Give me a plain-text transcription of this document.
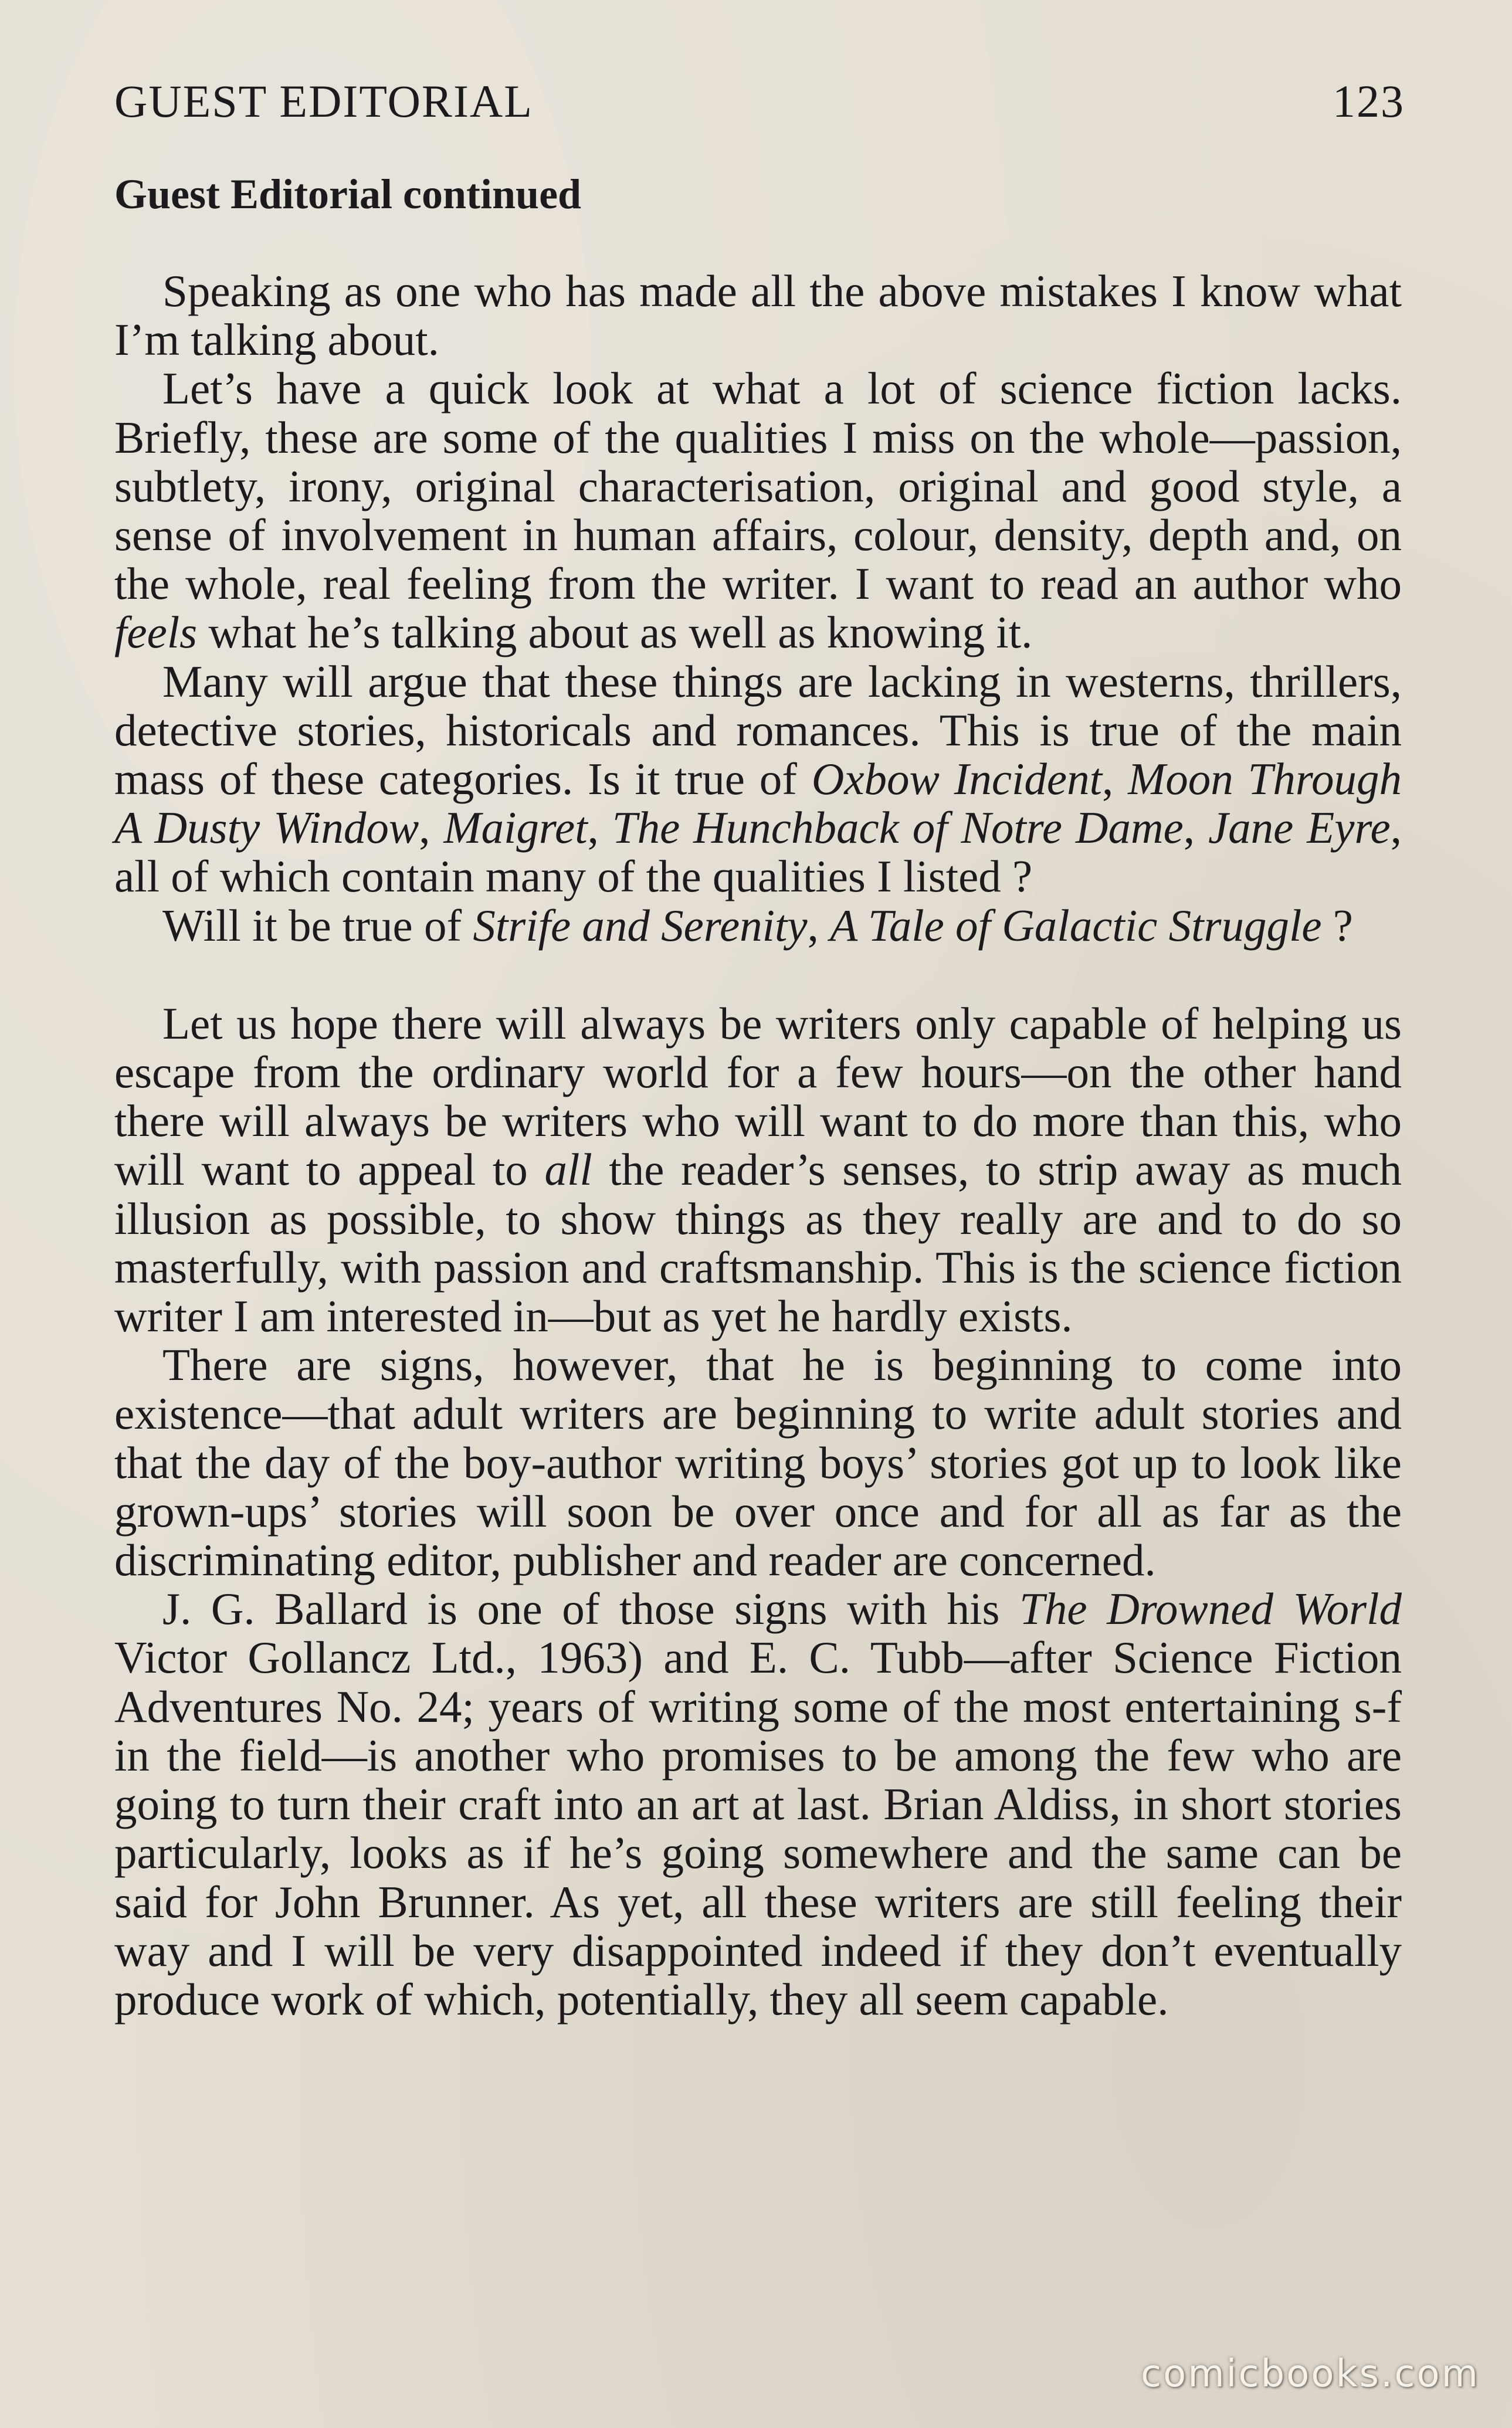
GUEST EDITORIAL	123
Guest Editorial continued

Speaking as one who has made all the above mistakes I know what I’m talking about.

Let’s have a quick look at what a lot of science fiction lacks. Briefly, these are some of the qualities I miss on the whole—passion, subtlety, irony, original characterisation, original and good style, a sense of involvement in human affairs, colour, density, depth and, on the whole, real feeling from the writer. I want to read an author who feels what he’s talking about as well as knowing it.

Many will argue that these things are lacking in westerns, thrillers, detective stories, historicals and romances. This is true of the main mass of these categories. Is it true of Oxbow Incident, Moon Through A Dusty Window, Maigret, The Hunchback of Notre Dame, Jane Eyre, all of which contain many of the qualities I listed ?

Will it be true of Strife and Serenity, A Tale of Galactic Struggle ?

Let us hope there will always be writers only capable of helping us escape from the ordinary world for a few hours—on the other hand there will always be writers who will want to do more than this, who will want to appeal to all the reader’s senses, to strip away as much illusion as possible, to show things as they really are and to do so masterfully, with passion and craftsmanship. This is the science fiction writer I am interested in—but as yet he hardly exists.

There are signs, however, that he is beginning to come into existence—that adult writers are beginning to write adult stories and that the day of the boy-author writing boys’ stories got up to look like grown-ups’ stories will soon be over once and for all as far as the discriminating editor, publisher and reader are concerned.

J. G. Ballard is one of those signs with his The Drowned World Victor Gollancz Ltd., 1963) and E. C. Tubb—after Science Fiction Adventures No. 24; years of writing some of the most entertaining s-f in the field—is another who promises to be among the few who are going to turn their craft into an art at last. Brian Aldiss, in short stories particularly, looks as if he’s going somewhere and the same can be said for John Brunner. As yet, all these writers are still feeling their way and I will be very disappointed indeed if they don’t eventually produce work of which, potentially, they all seem capable.

comicbooks.com
